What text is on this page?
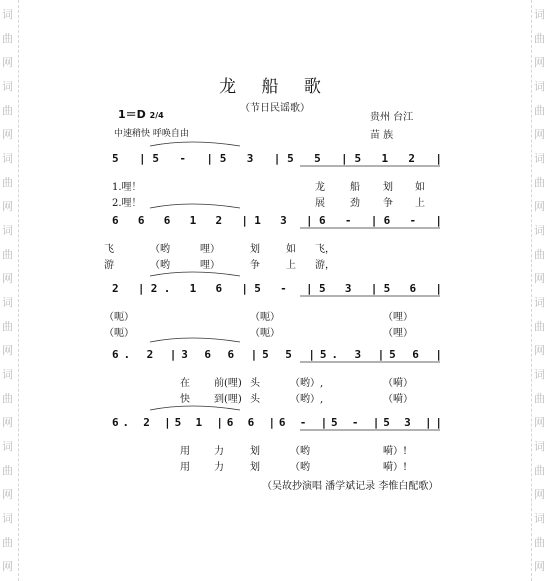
词
曲
网
词
曲
网
词
曲
网
词
曲
网
词
曲
网
词
曲
网
词
曲
网
词
曲
网
词
曲
网
词
曲
网
词
曲
网
词
曲
网
词
曲
网
词
曲
网
词
曲
网
词
曲
网
龙 船 歌
（节日民谣歌）
1＝D 2/4
中速稍快 呼唤自由
贵州 台江
苗 族
5 |5 - |5 3 |5 5 |5 1 2 |
6 6 6 1 2 |1 3 |6 - |6 - |
2 |2. 1 6 |5 - |5 3 |5 6 |
6. 2 |3 6 6 |5 5 |5. 3 |5 6 |
6. 2 |5 1 |6 6 |6 - |5 - |5 3 ||
1.哩！	龙	船 划 如
2.哩！	展	劲 争 上
飞	（哟	哩）	划	如 飞，
游	（哟	哩）	争	上 游，
（呃）	（呃）	（哩）
（呃）	（呃）	（哩）
在 前(哩) 头	（哟）,	（嗬）
快 到(哩) 头	（哟）,	（嗬）
用 力	划	（哟	嗬）!
用 力	划	（哟	嗬）!
（吴故抄演唱 潘学斌记录 李惟白配歌）
